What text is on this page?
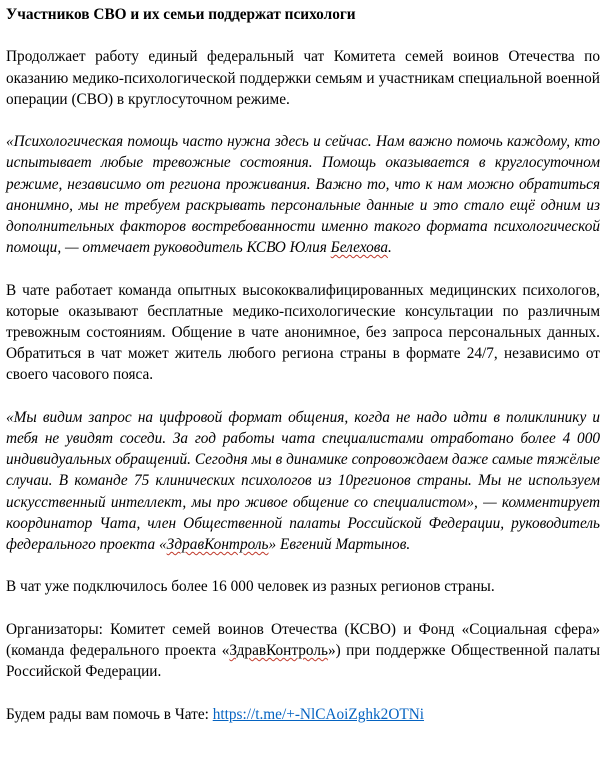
Участников СВО и их семьи поддержат психологи

Продолжает работу единый федеральный чат Комитета семей воинов Отечества по оказанию медико-психологической поддержки семьям и участникам специальной военной операции (СВО) в круглосуточном режиме.

«Психологическая помощь часто нужна здесь и сейчас. Нам важно помочь каждому, кто испытывает любые тревожные состояния. Помощь оказывается в круглосуточном режиме, независимо от региона проживания. Важно то, что к нам можно обратиться анонимно, мы не требуем раскрывать персональные данные и это стало ещё одним из дополнительных факторов востребованности именно такого формата психологической помощи, — отмечает руководитель КСВО Юлия Белехова.

В чате работает команда опытных высококвалифицированных медицинских психологов, которые оказывают бесплатные медико-психологические консультации по различным тревожным состояниям. Общение в чате анонимное, без запроса персональных данных. Обратиться в чат может житель любого региона страны в формате 24/7, независимо от своего часового пояса.

«Мы видим запрос на цифровой формат общения, когда не надо идти в поликлинику и тебя не увидят соседи. За год работы чата специалистами отработано более 4 000 индивидуальных обращений. Сегодня мы в динамике сопровождаем даже самые тяжёлые случаи. В команде 75 клинических психологов из 10регионов страны. Мы не используем искусственный интеллект, мы про живое общение со специалистом», — комментирует координатор Чата, член Общественной палаты Российской Федерации, руководитель федерального проекта «ЗдравКонтроль» Евгений Мартынов.

В чат уже подключилось более 16 000 человек из разных регионов страны.

Организаторы: Комитет семей воинов Отечества (КСВО) и Фонд «Социальная сфера» (команда федерального проекта «ЗдравКонтроль») при поддержке Общественной палаты Российской Федерации.

Будем рады вам помочь в Чате: https://t.me/+-NlCAoiZghk2OTNi
